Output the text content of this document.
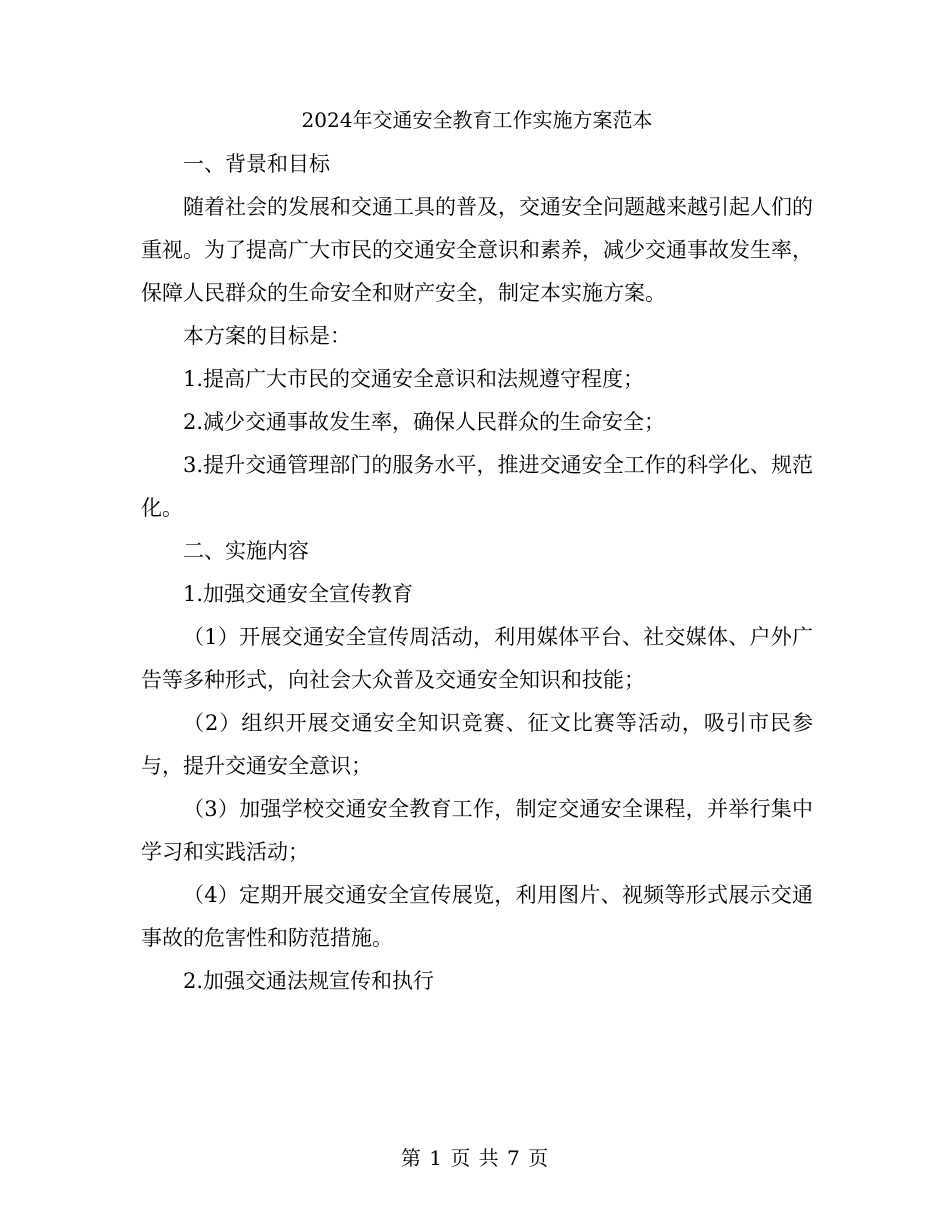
2024年交通安全教育工作实施方案范本

一、背景和目标

随着社会的发展和交通工具的普及，交通安全问题越来越引起人们的重视。为了提高广大市民的交通安全意识和素养，减少交通事故发生率，保障人民群众的生命安全和财产安全，制定本实施方案。

本方案的目标是：

1.提高广大市民的交通安全意识和法规遵守程度；

2.减少交通事故发生率，确保人民群众的生命安全；

3.提升交通管理部门的服务水平，推进交通安全工作的科学化、规范化。

二、实施内容

1.加强交通安全宣传教育

（1）开展交通安全宣传周活动，利用媒体平台、社交媒体、户外广告等多种形式，向社会大众普及交通安全知识和技能；

（2）组织开展交通安全知识竞赛、征文比赛等活动，吸引市民参与，提升交通安全意识；

（3）加强学校交通安全教育工作，制定交通安全课程，并举行集中学习和实践活动；

（4）定期开展交通安全宣传展览，利用图片、视频等形式展示交通事故的危害性和防范措施。

2.加强交通法规宣传和执行

第 1 页 共 7 页
